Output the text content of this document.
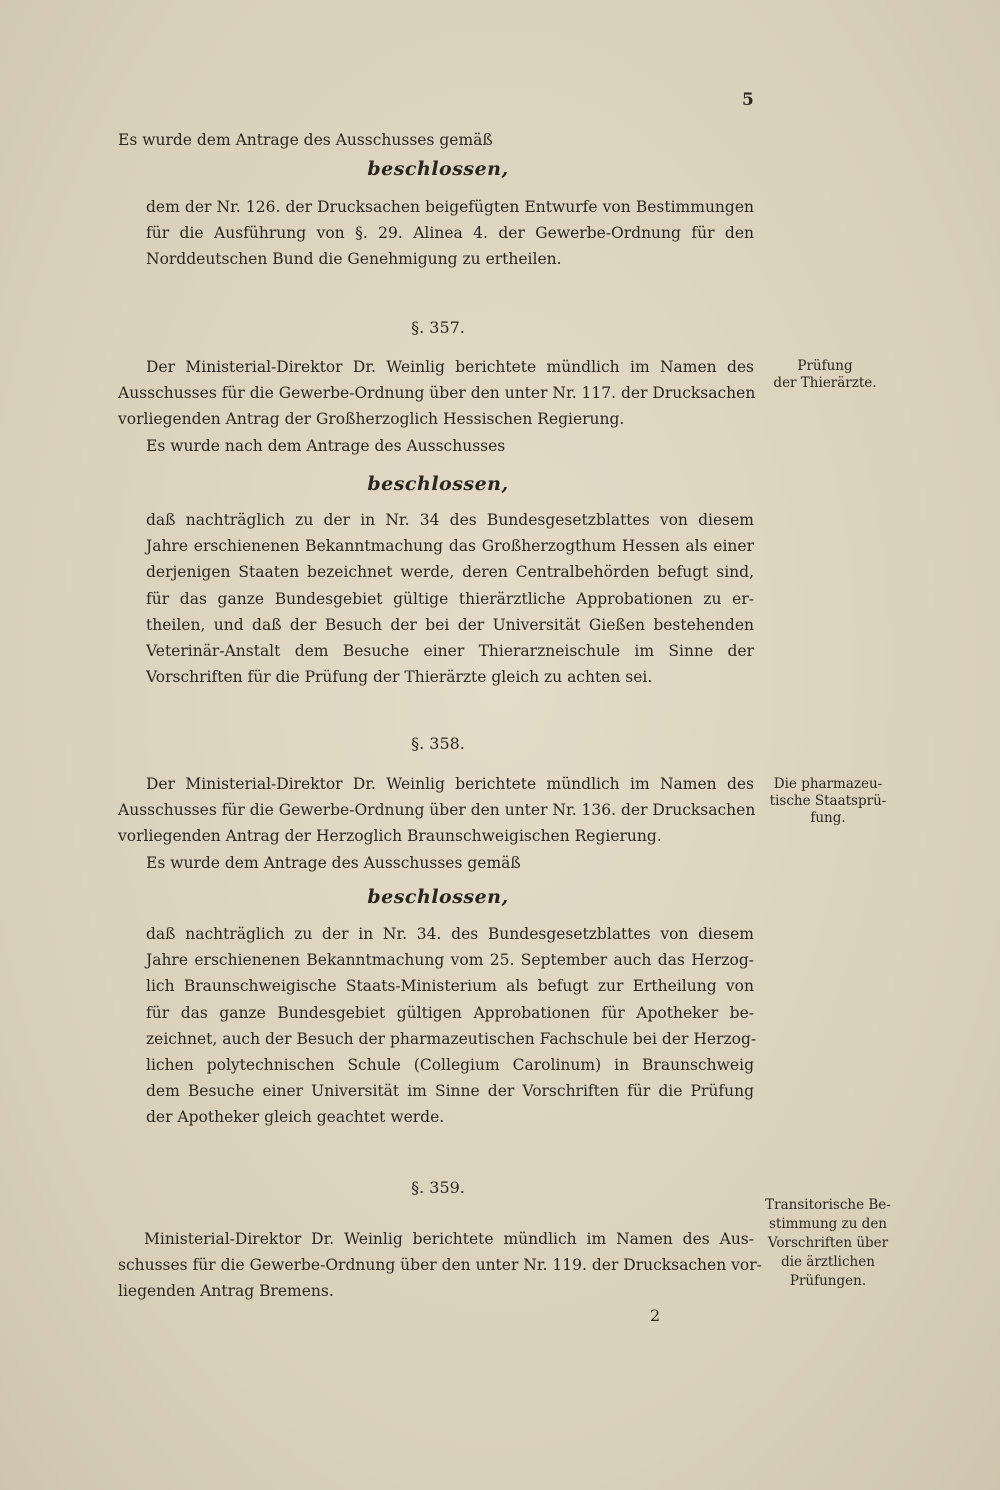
5
Es wurde dem Antrage des Ausschusses gemäß
beschlossen,
dem der Nr. 126. der Drucksachen beigefügten Entwurfe von Bestimmungen
für die Ausführung von §. 29. Alinea 4. der Gewerbe-Ordnung für den
Norddeutschen Bund die Genehmigung zu ertheilen.
§. 357.
Der Ministerial-Direktor Dr. Weinlig berichtete mündlich im Namen des
Ausschusses für die Gewerbe-Ordnung über den unter Nr. 117. der Drucksachen
vorliegenden Antrag der Großherzoglich Hessischen Regierung.
Es wurde nach dem Antrage des Ausschusses
Prüfung
der Thierärzte.
beschlossen,
daß nachträglich zu der in Nr. 34 des Bundesgesetzblattes von diesem
Jahre erschienenen Bekanntmachung das Großherzogthum Hessen als einer
derjenigen Staaten bezeichnet werde, deren Centralbehörden befugt sind,
für das ganze Bundesgebiet gültige thierärztliche Approbationen zu er-
theilen, und daß der Besuch der bei der Universität Gießen bestehenden
Veterinär-Anstalt dem Besuche einer Thierarzneischule im Sinne der
Vorschriften für die Prüfung der Thierärzte gleich zu achten sei.
§. 358.
Der Ministerial-Direktor Dr. Weinlig berichtete mündlich im Namen des
Ausschusses für die Gewerbe-Ordnung über den unter Nr. 136. der Drucksachen
vorliegenden Antrag der Herzoglich Braunschweigischen Regierung.
Es wurde dem Antrage des Ausschusses gemäß
Die pharmazeu-
tische Staatsprü-
fung.
beschlossen,
daß nachträglich zu der in Nr. 34. des Bundesgesetzblattes von diesem
Jahre erschienenen Bekanntmachung vom 25. September auch das Herzog-
lich Braunschweigische Staats-Ministerium als befugt zur Ertheilung von
für das ganze Bundesgebiet gültigen Approbationen für Apotheker be-
zeichnet, auch der Besuch der pharmazeutischen Fachschule bei der Herzog-
lichen polytechnischen Schule (Collegium Carolinum) in Braunschweig
dem Besuche einer Universität im Sinne der Vorschriften für die Prüfung
der Apotheker gleich geachtet werde.
§. 359.
Ministerial-Direktor Dr. Weinlig berichtete mündlich im Namen des Aus-
schusses für die Gewerbe-Ordnung über den unter Nr. 119. der Drucksachen vor-
liegenden Antrag Bremens.
Transitorische Be-
stimmung zu den
Vorschriften über
die ärztlichen
Prüfungen.
2
